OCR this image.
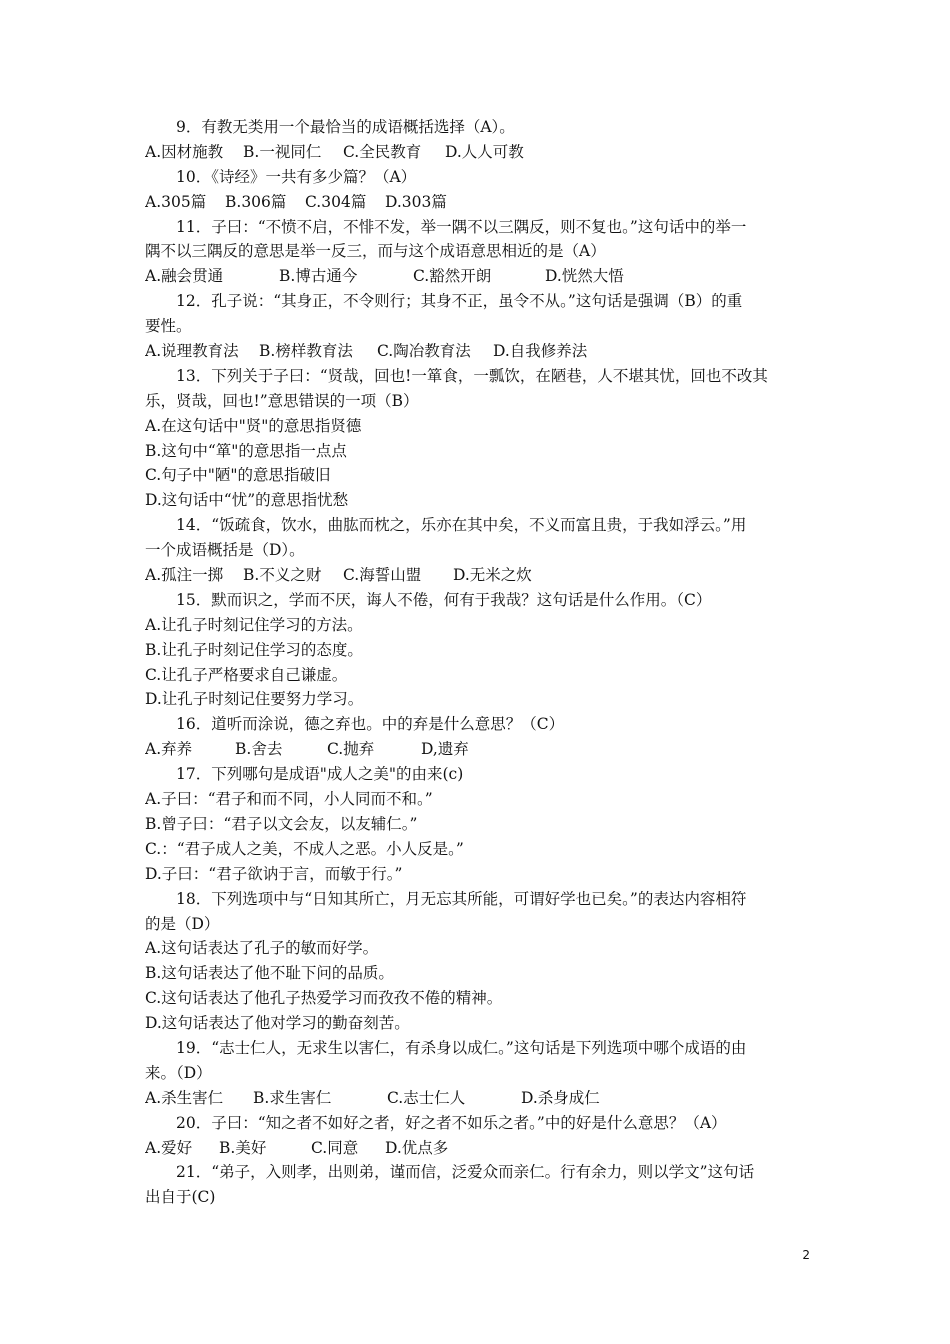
9．有教无类用一个最恰当的成语概括选择（A）。
A.因材施教 B.一视同仁 C.全民教育 D.人人可教
10．《诗经》一共有多少篇？（A）
A.305篇 B.306篇 C.304篇 D.303篇
11．子曰：“不愤不启，不悱不发，举一隅不以三隅反，则不复也。”这句话中的举一
隅不以三隅反的意思是举一反三，而与这个成语意思相近的是（A）
A.融会贯通	B.博古通今	C.豁然开朗	D.恍然大悟
12．孔子说：“其身正，不令则行；其身不正，虽令不从。”这句话是强调（B）的重
要性。
A.说理教育法 B.榜样教育法 C.陶冶教育法 D.自我修养法
13．下列关于子曰：“贤哉，回也!一箪食，一瓢饮，在陋巷，人不堪其忧，回也不改其
乐，贤哉，回也!”意思错误的一项（B）
A.在这句话中"贤"的意思指贤德
B.这句中“箪"的意思指一点点
C.句子中"陋"的意思指破旧
D.这句话中“忧”的意思指忧愁
14．“饭疏食，饮水，曲肱而枕之，乐亦在其中矣，不义而富且贵，于我如浮云。”用
一个成语概括是（D）。
A.孤注一掷 B.不义之财 C.海誓山盟 D.无米之炊
15．默而识之，学而不厌，诲人不倦，何有于我哉？这句话是什么作用。（C）
A.让孔子时刻记住学习的方法。
B.让孔子时刻记住学习的态度。
C.让孔子严格要求自己谦虚。
D.让孔子时刻记住要努力学习。
16．道听而涂说，德之弃也。中的弃是什么意思？（C）
A.弃养	B.舍去	C.抛弃	D,遗弃
17．下列哪句是成语"成人之美"的由来(c)
A.子曰：“君子和而不同，小人同而不和。”
B.曾子曰：“君子以文会友，以友辅仁。”
C.：“君子成人之美，不成人之恶。小人反是。”
D.子曰：“君子欲讷于言，而敏于行。”
18．下列选项中与“日知其所亡，月无忘其所能，可谓好学也已矣。”的表达内容相符
的是（D）
A.这句话表达了孔子的敏而好学。
B.这句话表达了他不耻下问的品质。
C.这句话表达了他孔子热爱学习而孜孜不倦的精神。
D.这句话表达了他对学习的勤奋刻苦。
19．“志士仁人，无求生以害仁，有杀身以成仁。”这句话是下列选项中哪个成语的由
来。（D）
A.杀生害仁 B.求生害仁	C.志士仁人	D.杀身成仁
20．子曰：“知之者不如好之者，好之者不如乐之者。”中的好是什么意思？（A）
A.爱好 B.美好	C.同意 D.优点多
21．“弟子，入则孝，出则弟，谨而信，泛爱众而亲仁。行有余力，则以学文”这句话
出自于(C)
2
